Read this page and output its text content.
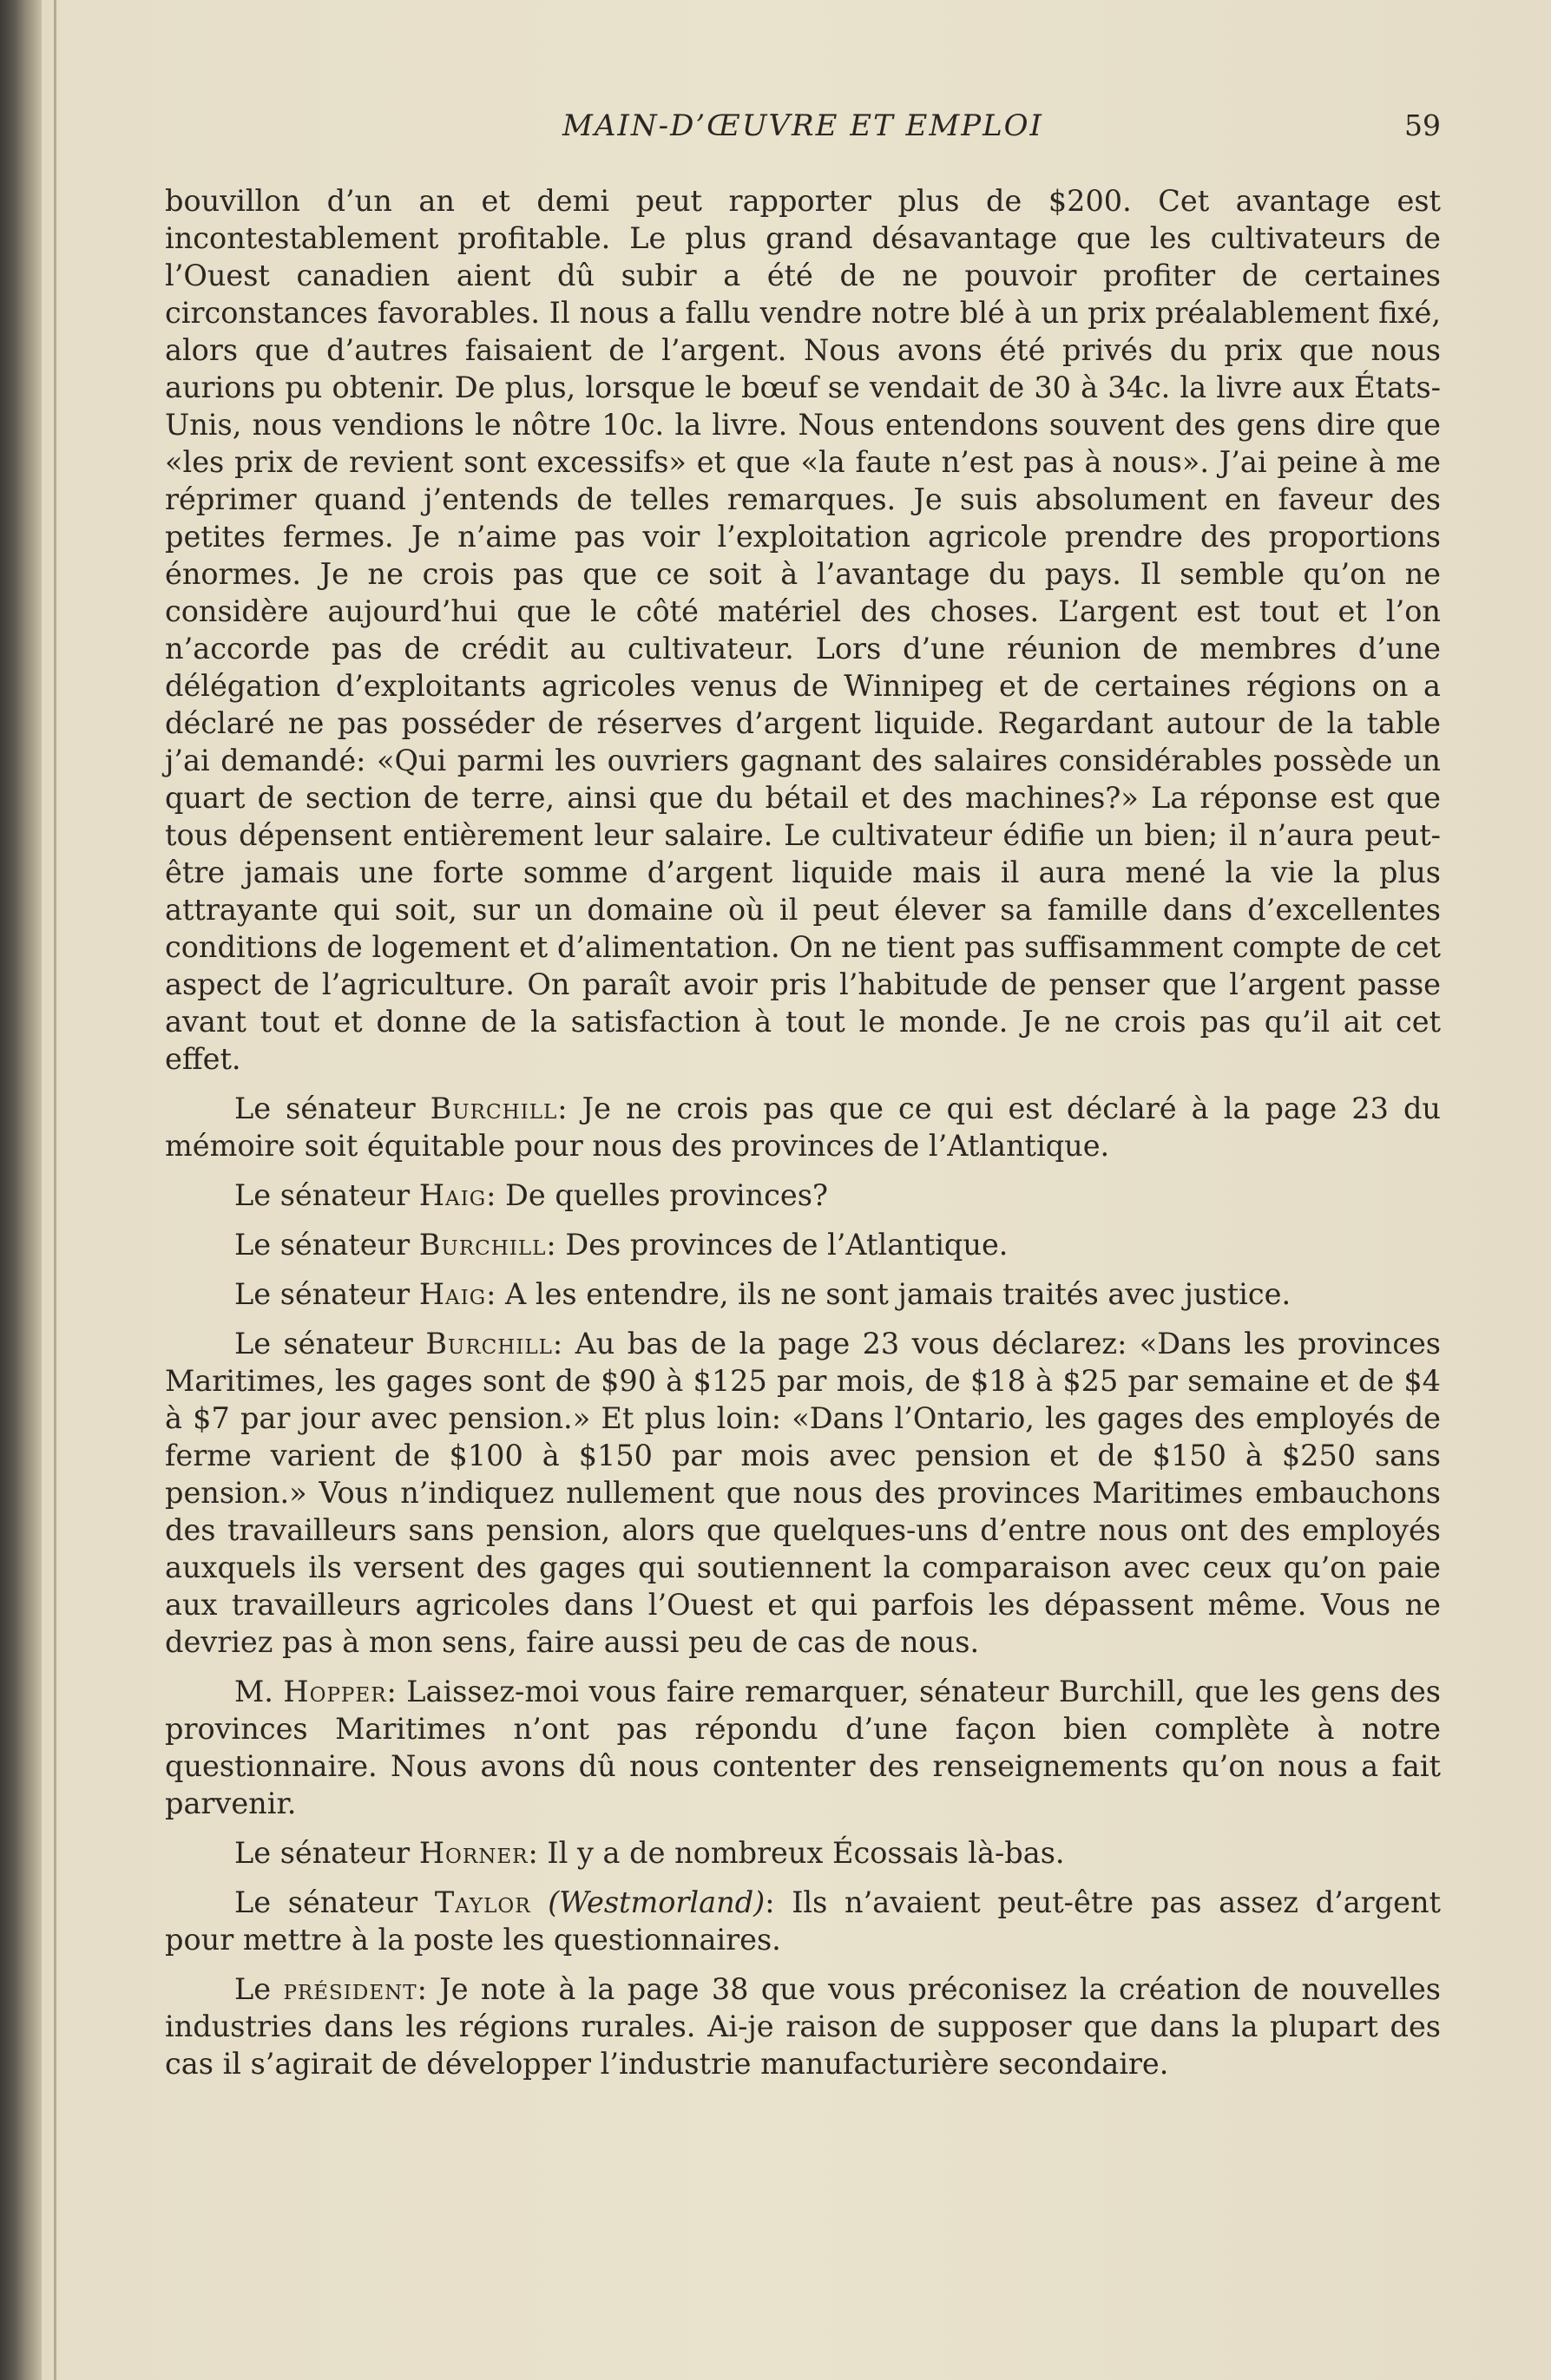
MAIN-D’ŒUVRE ET EMPLOI	59

bouvillon d’un an et demi peut rapporter plus de $200. Cet avantage est incontestablement profitable. Le plus grand désavantage que les cultivateurs de l’Ouest canadien aient dû subir a été de ne pouvoir profiter de certaines circonstances favorables. Il nous a fallu vendre notre blé à un prix préalablement fixé, alors que d’autres faisaient de l’argent. Nous avons été privés du prix que nous aurions pu obtenir. De plus, lorsque le bœuf se vendait de 30 à 34c. la livre aux États-Unis, nous vendions le nôtre 10c. la livre. Nous entendons souvent des gens dire que «les prix de revient sont excessifs» et que «la faute n’est pas à nous». J’ai peine à me réprimer quand j’entends de telles remarques. Je suis absolument en faveur des petites fermes. Je n’aime pas voir l’exploitation agricole prendre des proportions énormes. Je ne crois pas que ce soit à l’avantage du pays. Il semble qu’on ne considère aujourd’hui que le côté matériel des choses. L’argent est tout et l’on n’accorde pas de crédit au cultivateur. Lors d’une réunion de membres d’une délégation d’exploitants agricoles venus de Winnipeg et de certaines régions on a déclaré ne pas posséder de réserves d’argent liquide. Regardant autour de la table j’ai demandé: «Qui parmi les ouvriers gagnant des salaires considérables possède un quart de section de terre, ainsi que du bétail et des machines?» La réponse est que tous dépensent entièrement leur salaire. Le cultivateur édifie un bien; il n’aura peut-être jamais une forte somme d’argent liquide mais il aura mené la vie la plus attrayante qui soit, sur un domaine où il peut élever sa famille dans d’excellentes conditions de logement et d’alimentation. On ne tient pas suffisamment compte de cet aspect de l’agriculture. On paraît avoir pris l’habitude de penser que l’argent passe avant tout et donne de la satisfaction à tout le monde. Je ne crois pas qu’il ait cet effet.

Le sénateur Burchill: Je ne crois pas que ce qui est déclaré à la page 23 du mémoire soit équitable pour nous des provinces de l’Atlantique.

Le sénateur Haig: De quelles provinces?

Le sénateur Burchill: Des provinces de l’Atlantique.

Le sénateur Haig: A les entendre, ils ne sont jamais traités avec justice.

Le sénateur Burchill: Au bas de la page 23 vous déclarez: «Dans les provinces Maritimes, les gages sont de $90 à $125 par mois, de $18 à $25 par semaine et de $4 à $7 par jour avec pension.» Et plus loin: «Dans l’Ontario, les gages des employés de ferme varient de $100 à $150 par mois avec pension et de $150 à $250 sans pension.» Vous n’indiquez nullement que nous des provinces Maritimes embauchons des travailleurs sans pension, alors que quelques-uns d’entre nous ont des employés auxquels ils versent des gages qui soutiennent la comparaison avec ceux qu’on paie aux travailleurs agricoles dans l’Ouest et qui parfois les dépassent même. Vous ne devriez pas à mon sens, faire aussi peu de cas de nous.

M. Hopper: Laissez-moi vous faire remarquer, sénateur Burchill, que les gens des provinces Maritimes n’ont pas répondu d’une façon bien complète à notre questionnaire. Nous avons dû nous contenter des renseignements qu’on nous a fait parvenir.

Le sénateur Horner: Il y a de nombreux Écossais là-bas.

Le sénateur Taylor (Westmorland): Ils n’avaient peut-être pas assez d’argent pour mettre à la poste les questionnaires.

Le président: Je note à la page 38 que vous préconisez la création de nouvelles industries dans les régions rurales. Ai-je raison de supposer que dans la plupart des cas il s’agirait de développer l’industrie manufacturière secondaire.
